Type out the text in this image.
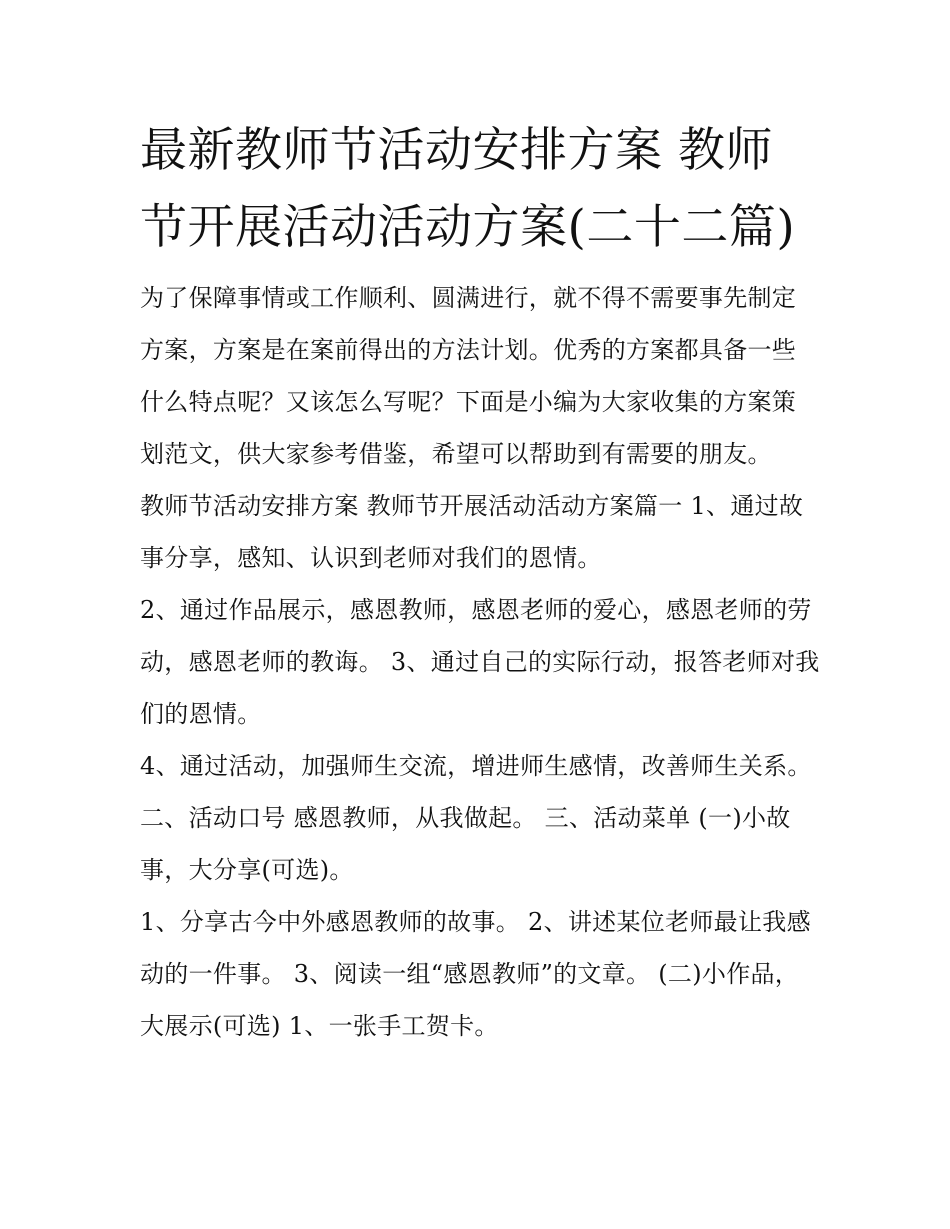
最新教师节活动安排方案 教师节开展活动活动方案(二十二篇)

为了保障事情或工作顺利、圆满进行，就不得不需要事先制定方案，方案是在案前得出的方法计划。优秀的方案都具备一些什么特点呢？又该怎么写呢？下面是小编为大家收集的方案策划范文，供大家参考借鉴，希望可以帮助到有需要的朋友。

教师节活动安排方案 教师节开展活动活动方案篇一 1、通过故事分享，感知、认识到老师对我们的恩情。

2、通过作品展示，感恩教师，感恩老师的爱心，感恩老师的劳动，感恩老师的教诲。 3、通过自己的实际行动，报答老师对我们的恩情。

4、通过活动，加强师生交流，增进师生感情，改善师生关系。 二、活动口号 感恩教师，从我做起。 三、活动菜单 (一)小故事，大分享(可选)。

1、分享古今中外感恩教师的故事。 2、讲述某位老师最让我感动的一件事。 3、阅读一组“感恩教师”的文章。 (二)小作品，大展示(可选) 1、一张手工贺卡。
